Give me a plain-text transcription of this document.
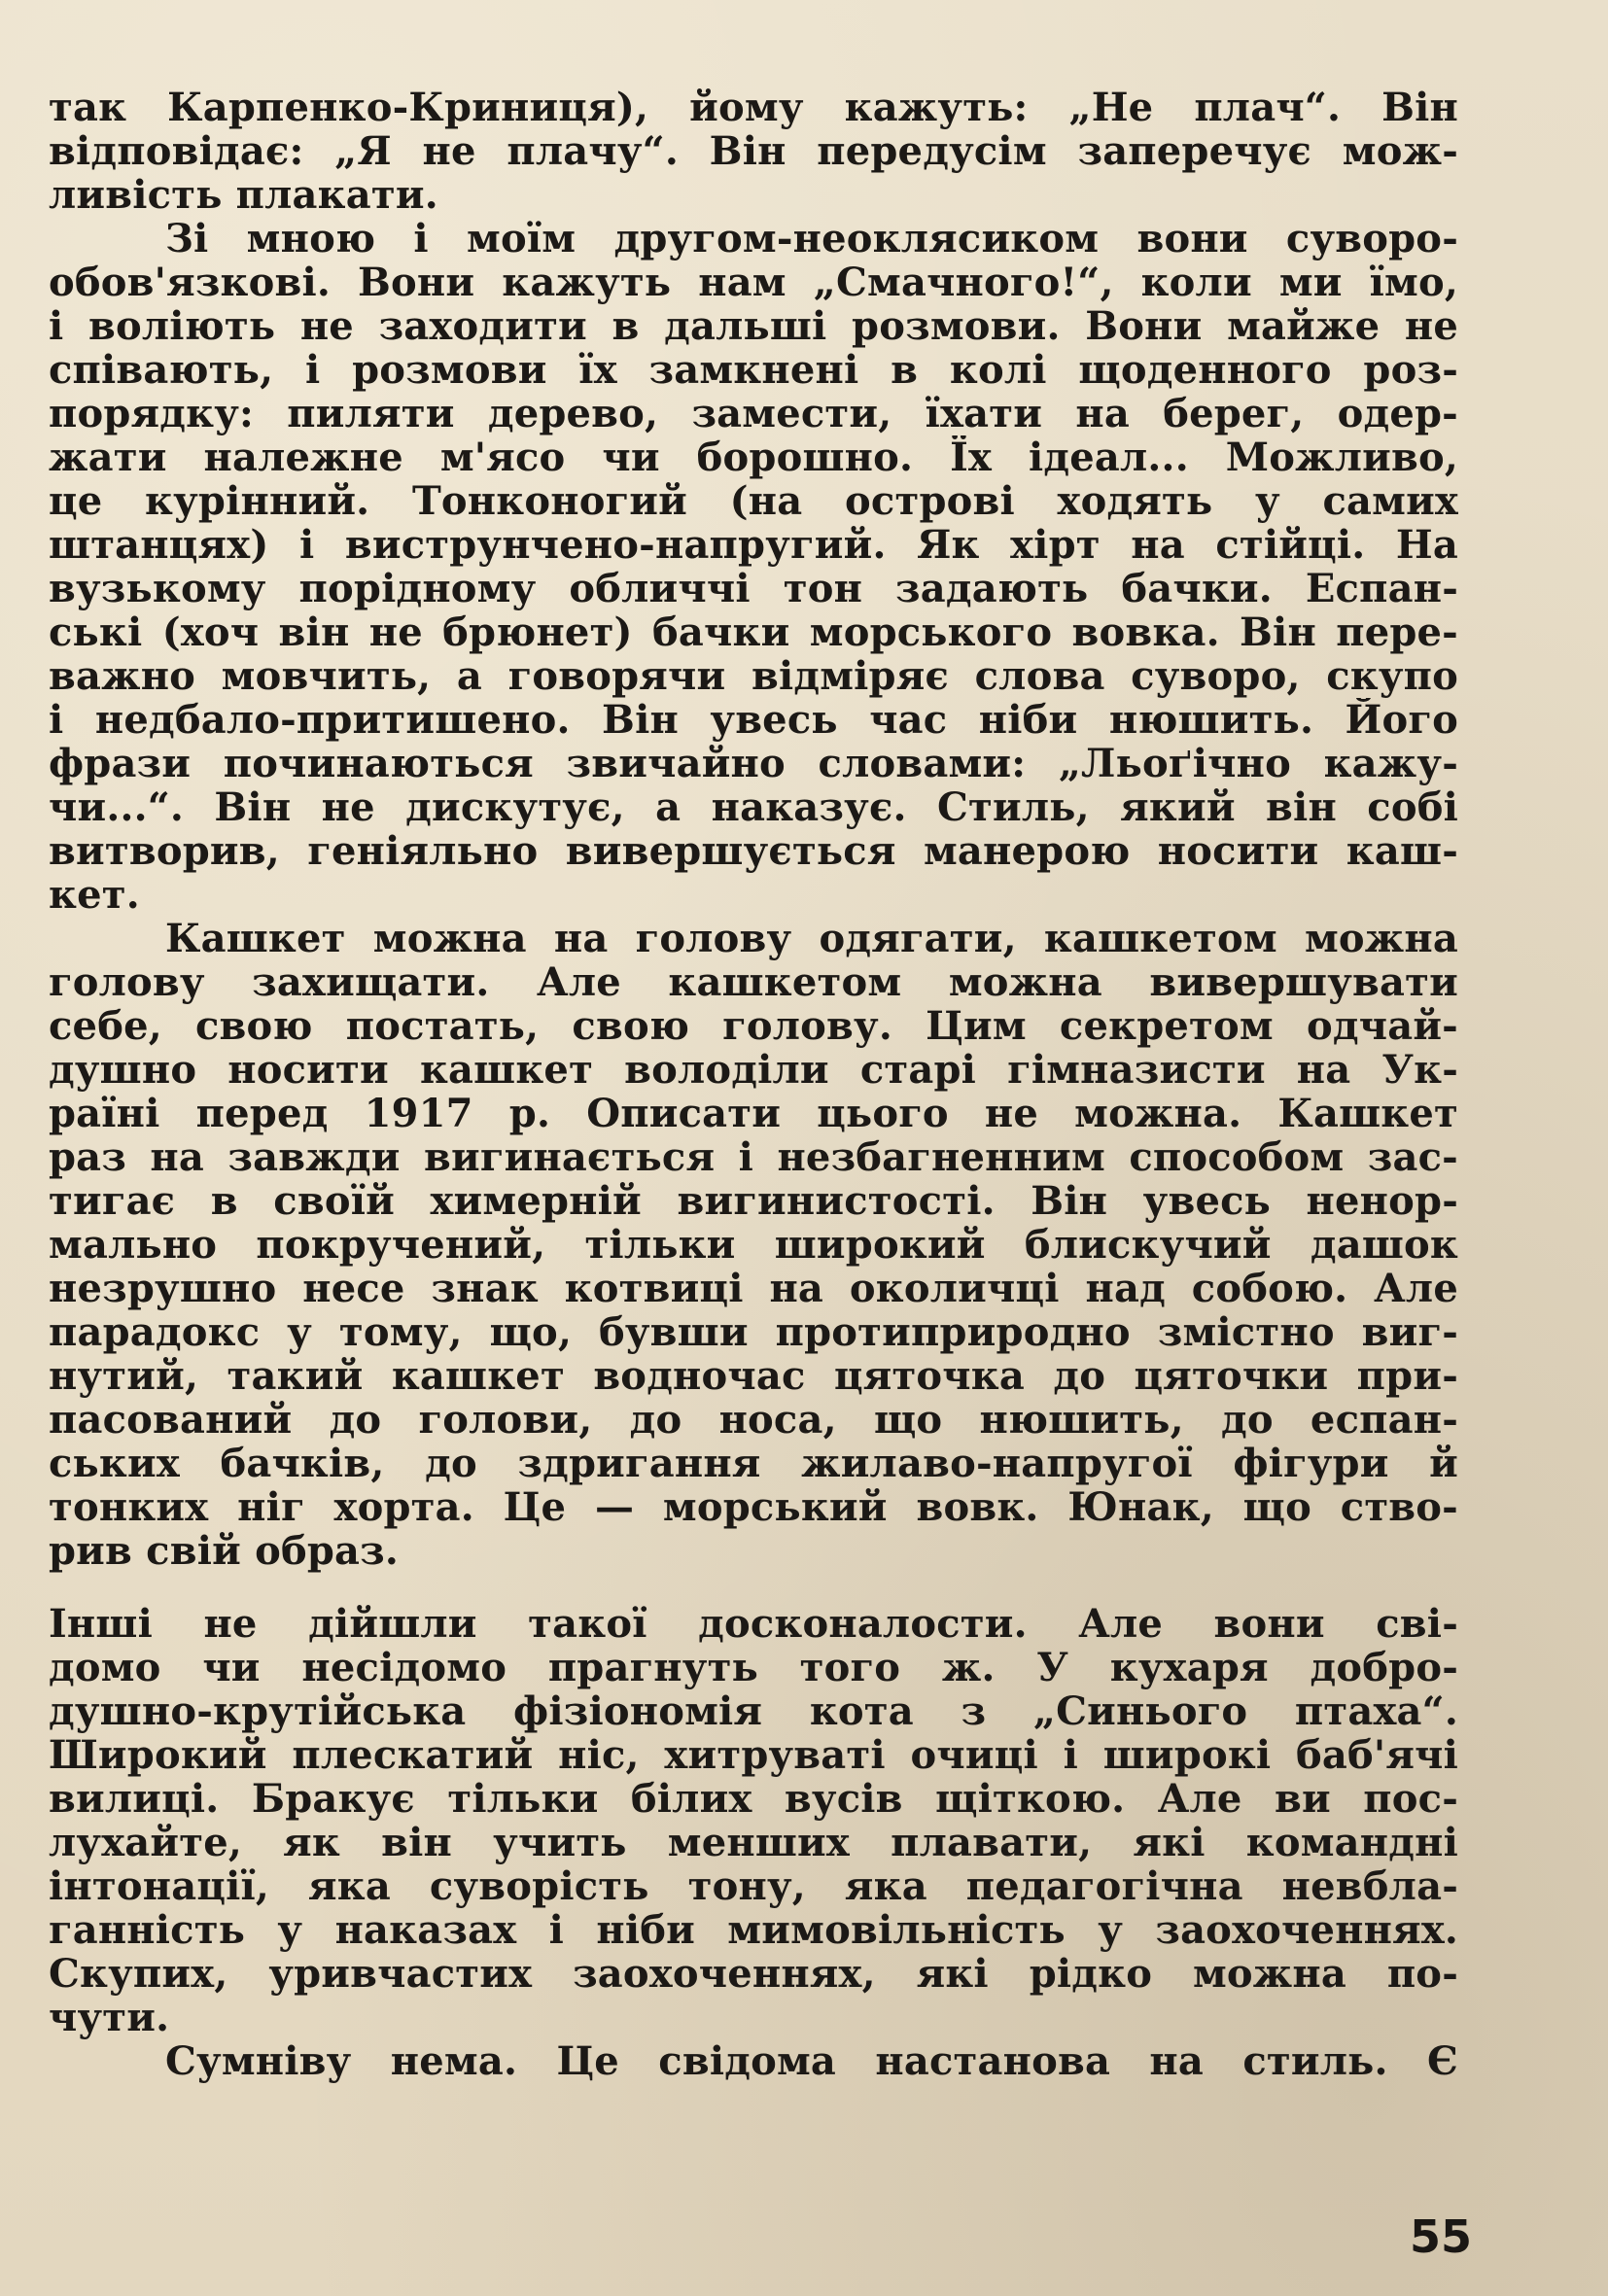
так Карпенко-Криниця), йому кажуть: „Не плач“. Він
відповідає: „Я не плачу“. Він передусім заперечує мож-
ливість плакати.
Зі мною і моїм другом-неоклясиком вони суворо-
обов'язкові. Вони кажуть нам „Смачного!“, коли ми їмо,
і воліють не заходити в дальші розмови. Вони майже не
співають, і розмови їх замкнені в колі щоденного роз-
порядку: пиляти дерево, замести, їхати на берег, одер-
жати належне м'ясо чи борошно. Їх ідеал... Можливо,
це курінний. Тонконогий (на острові ходять у самих
штанцях) і виструнчено-напругий. Як хірт на стійці. На
вузькому порідному обличчі тон задають бачки. Еспан-
ські (хоч він не брюнет) бачки морського вовка. Він пере-
важно мовчить, а говорячи відміряє слова суворо, скупо
і недбало-притишено. Він увесь час ніби нюшить. Його
фрази починаються звичайно словами: „Льоґічно кажу-
чи...“. Він не дискутує, а наказує. Стиль, який він собі
витворив, геніяльно вивершується манерою носити каш-
кет.
Кашкет можна на голову одягати, кашкетом можна
голову захищати. Але кашкетом можна вивершувати
себе, свою постать, свою голову. Цим секретом одчай-
душно носити кашкет володіли старі гімназисти на Ук-
раїні перед 1917 р. Описати цього не можна. Кашкет
раз на завжди вигинається і незбагненним способом зас-
тигає в своїй химерній вигинистості. Він увесь ненор-
мально покручений, тільки широкий блискучий дашок
незрушно несе знак котвиці на околичці над собою. Але
парадокс у тому, що, бувши протиприродно змістно виг-
нутий, такий кашкет водночас цяточка до цяточки при-
пасований до голови, до носа, що нюшить, до еспан-
ських бачків, до здригання жилаво-напругої фігури й
тонких ніг хорта. Це — морський вовк. Юнак, що ство-
рив свій образ.
Інші не дійшли такої досконалости. Але вони сві-
домо чи несідомо прагнуть того ж. У кухаря добро-
душно-крутійська фізіономія кота з „Синього птаха“.
Широкий плескатий ніс, хитруваті очиці і широкі баб'ячі
вилиці. Бракує тільки білих вусів щіткою. Але ви пос-
лухайте, як він учить менших плавати, які командні
інтонації, яка суворість тону, яка педагогічна невбла-
ганність у наказах і ніби мимовільність у заохоченнях.
Скупих, уривчастих заохоченнях, які рідко можна по-
чути.
Сумніву нема. Це свідома настанова на стиль. Є
55
